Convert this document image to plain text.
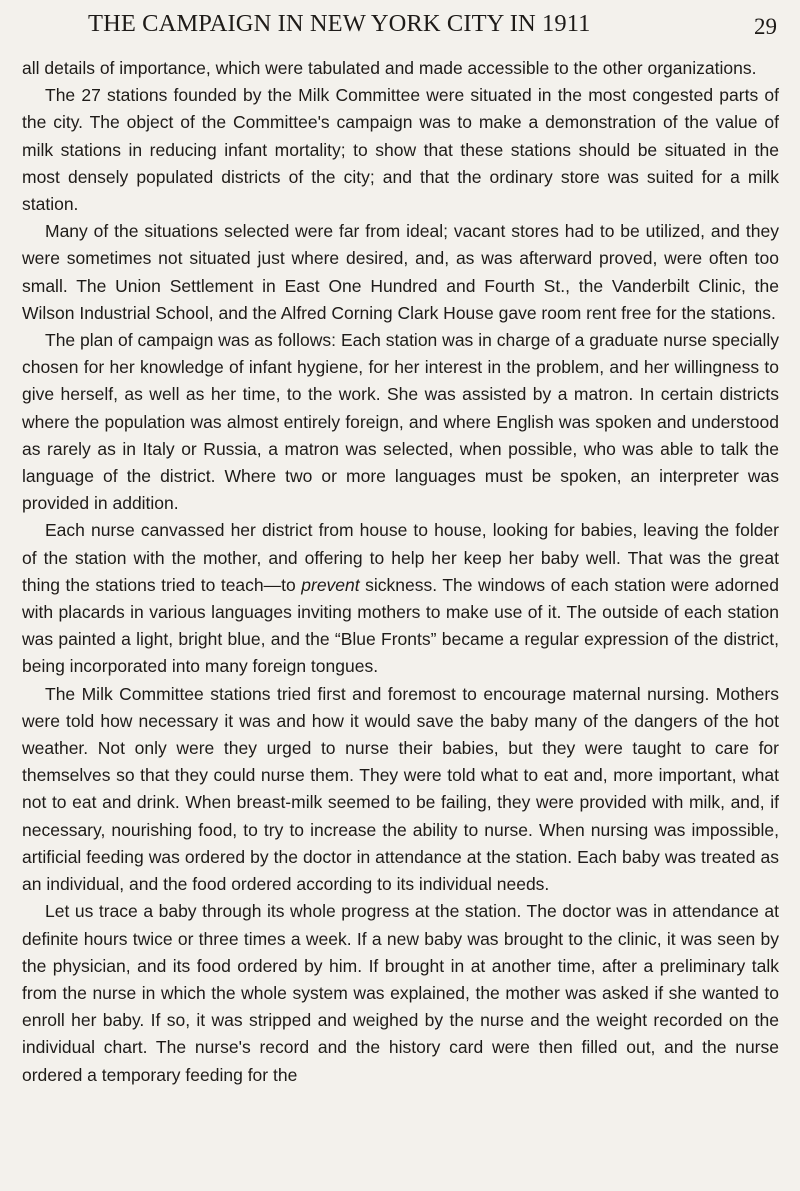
THE CAMPAIGN IN NEW YORK CITY IN 1911	29

all details of importance, which were tabulated and made accessible to the other organizations.

The 27 stations founded by the Milk Committee were situated in the most congested parts of the city. The object of the Committee's campaign was to make a demonstration of the value of milk stations in reducing infant mortality; to show that these stations should be situated in the most densely populated districts of the city; and that the ordinary store was suited for a milk station.

Many of the situations selected were far from ideal; vacant stores had to be utilized, and they were sometimes not situated just where desired, and, as was afterward proved, were often too small. The Union Settlement in East One Hundred and Fourth St., the Vanderbilt Clinic, the Wilson Industrial School, and the Alfred Corning Clark House gave room rent free for the stations.

The plan of campaign was as follows: Each station was in charge of a graduate nurse specially chosen for her knowledge of infant hygiene, for her interest in the problem, and her willingness to give herself, as well as her time, to the work. She was assisted by a matron. In certain districts where the population was almost entirely foreign, and where English was spoken and understood as rarely as in Italy or Russia, a matron was selected, when possible, who was able to talk the language of the district. Where two or more languages must be spoken, an interpreter was provided in addition.

Each nurse canvassed her district from house to house, looking for babies, leaving the folder of the station with the mother, and offering to help her keep her baby well. That was the great thing the stations tried to teach—to prevent sickness. The windows of each station were adorned with placards in various languages inviting mothers to make use of it. The outside of each station was painted a light, bright blue, and the “Blue Fronts” became a regular expression of the district, being incorporated into many foreign tongues.

The Milk Committee stations tried first and foremost to encourage maternal nursing. Mothers were told how necessary it was and how it would save the baby many of the dangers of the hot weather. Not only were they urged to nurse their babies, but they were taught to care for themselves so that they could nurse them. They were told what to eat and, more important, what not to eat and drink. When breast-milk seemed to be failing, they were provided with milk, and, if necessary, nourishing food, to try to increase the ability to nurse. When nursing was impossible, artificial feeding was ordered by the doctor in attendance at the station. Each baby was treated as an individual, and the food ordered according to its individual needs.

Let us trace a baby through its whole progress at the station. The doctor was in attendance at definite hours twice or three times a week. If a new baby was brought to the clinic, it was seen by the physician, and its food ordered by him. If brought in at another time, after a preliminary talk from the nurse in which the whole system was explained, the mother was asked if she wanted to enroll her baby. If so, it was stripped and weighed by the nurse and the weight recorded on the individual chart. The nurse's record and the history card were then filled out, and the nurse ordered a temporary feeding for the
